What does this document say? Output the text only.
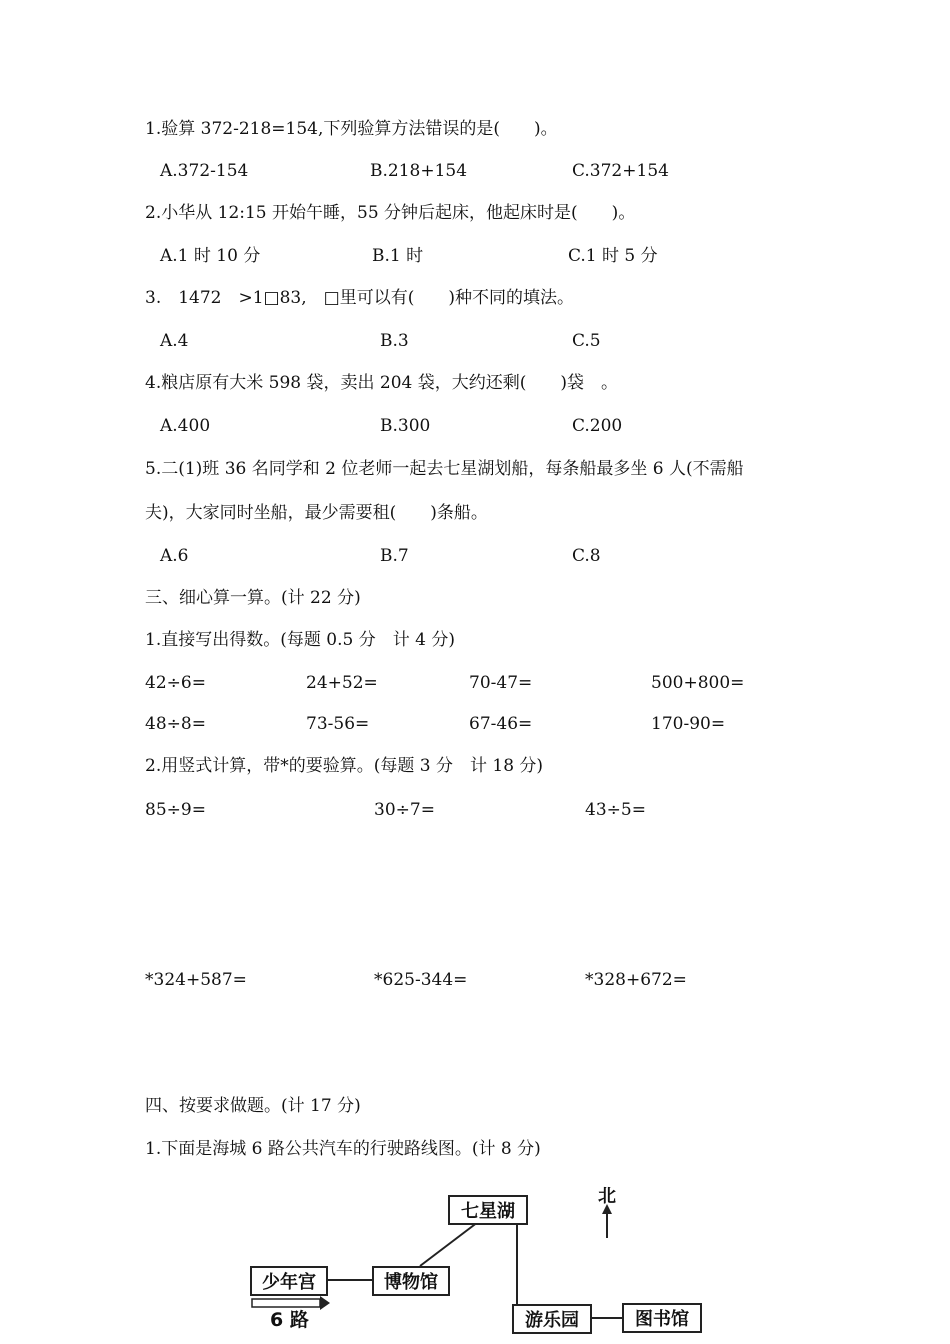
1.验算 372-218=154,下列验算方法错误的是(　　)。
A.372-154	B.218+154	C.372+154
2.小华从 12:15 开始午睡，55 分钟后起床，他起床时是(　　)。
A.1 时 10 分	B.1 时	C.1 时 5 分
3.　1472　>1□83,　□里可以有(　　)种不同的填法。
A.4	B.3	C.5
4.粮店原有大米 598 袋，卖出 204 袋，大约还剩(　　)袋　。
A.400	B.300	C.200
5.二(1)班 36 名同学和 2 位老师一起去七星湖划船，每条船最多坐 6 人(不需船
夫)，大家同时坐船，最少需要租(　　)条船。
A.6	B.7	C.8
三、细心算一算。(计 22 分)
1.直接写出得数。(每题 0.5 分　计 4 分)
42÷6=	24+52=	70-47=	500+800=
48÷8=	73-56=	67-46=	170-90=
2.用竖式计算，带*的要验算。(每题 3 分　计 18 分)
85÷9=	30÷7=	43÷5=
*324+587=	*625-344=	*328+672=
四、按要求做题。(计 17 分)
1.下面是海城 6 路公共汽车的行驶路线图。(计 8 分)
七星湖
少年宫	博物馆
游乐园	图书馆
北
6 路
